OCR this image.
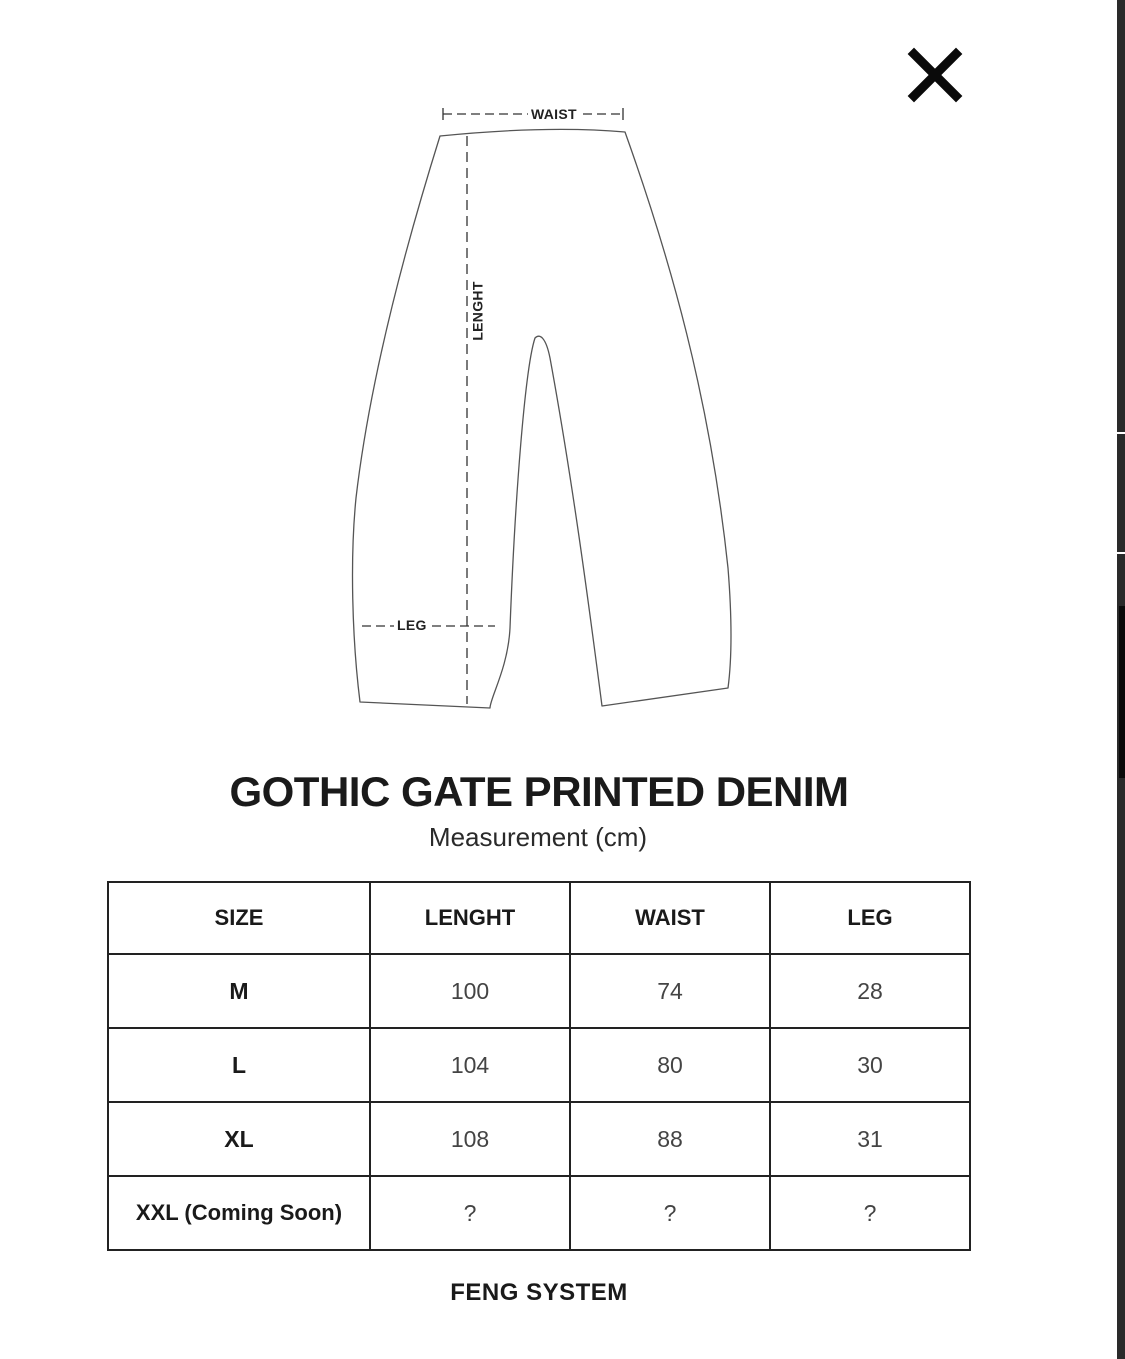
WAIST
LENGHT
LEG
GOTHIC GATE PRINTED DENIM
Measurement (cm)
SIZE	LENGHT	WAIST	LEG
M	100	74	28
L	104	80	30
XL	108	88	31
XXL (Coming Soon)	?	?	?
FENG SYSTEM
